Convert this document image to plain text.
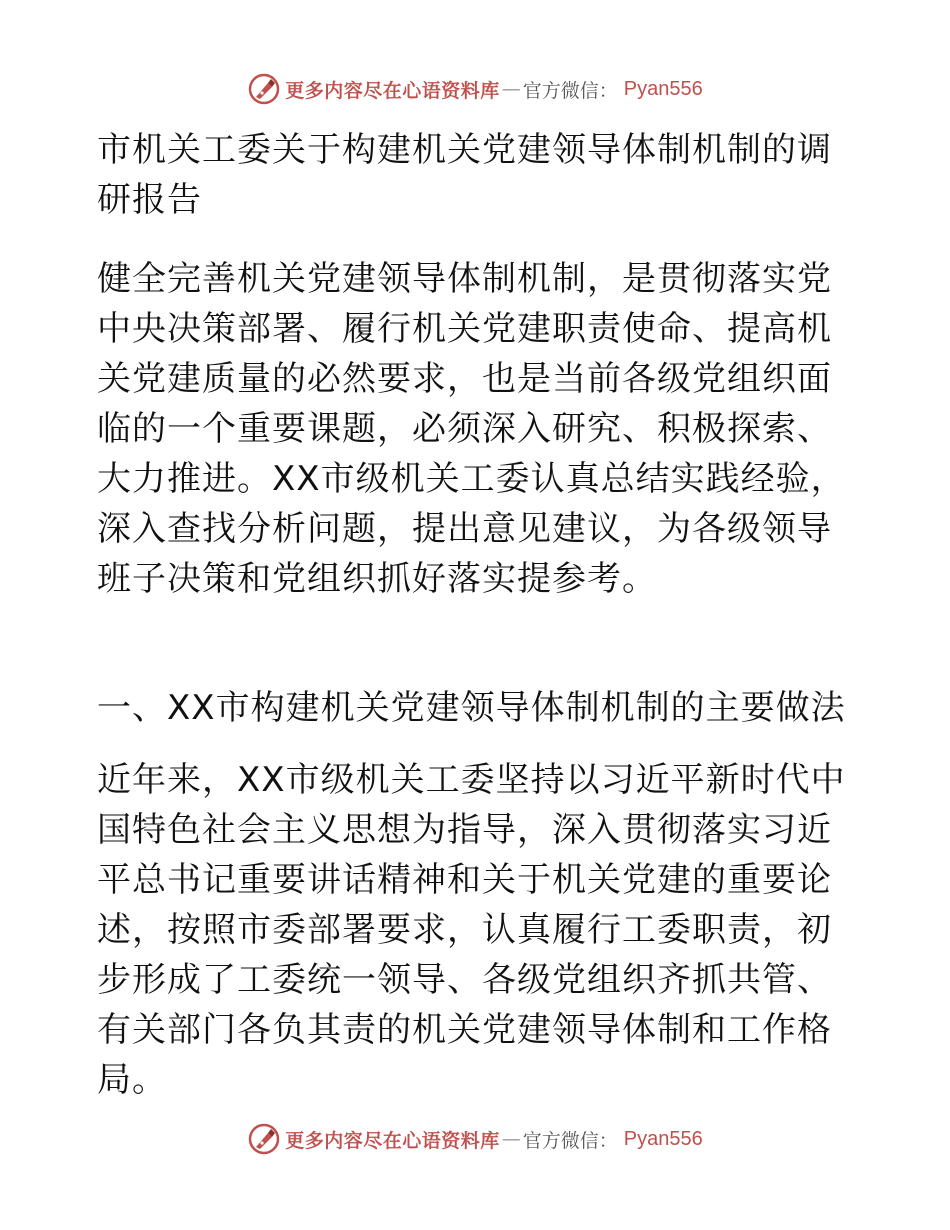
更多内容尽在心语资料库 — 官方微信： Pyan556

市机关工委关于构建机关党建领导体制机制的调研报告

健全完善机关党建领导体制机制，是贯彻落实党中央决策部署、履行机关党建职责使命、提高机关党建质量的必然要求，也是当前各级党组织面临的一个重要课题，必须深入研究、积极探索、大力推进。XX市级机关工委认真总结实践经验，深入查找分析问题，提出意见建议，为各级领导班子决策和党组织抓好落实提参考。

一、XX市构建机关党建领导体制机制的主要做法

近年来，XX市级机关工委坚持以习近平新时代中国特色社会主义思想为指导，深入贯彻落实习近平总书记重要讲话精神和关于机关党建的重要论述，按照市委部署要求，认真履行工委职责，初步形成了工委统一领导、各级党组织齐抓共管、有关部门各负其责的机关党建领导体制和工作格局。

更多内容尽在心语资料库 — 官方微信： Pyan556
